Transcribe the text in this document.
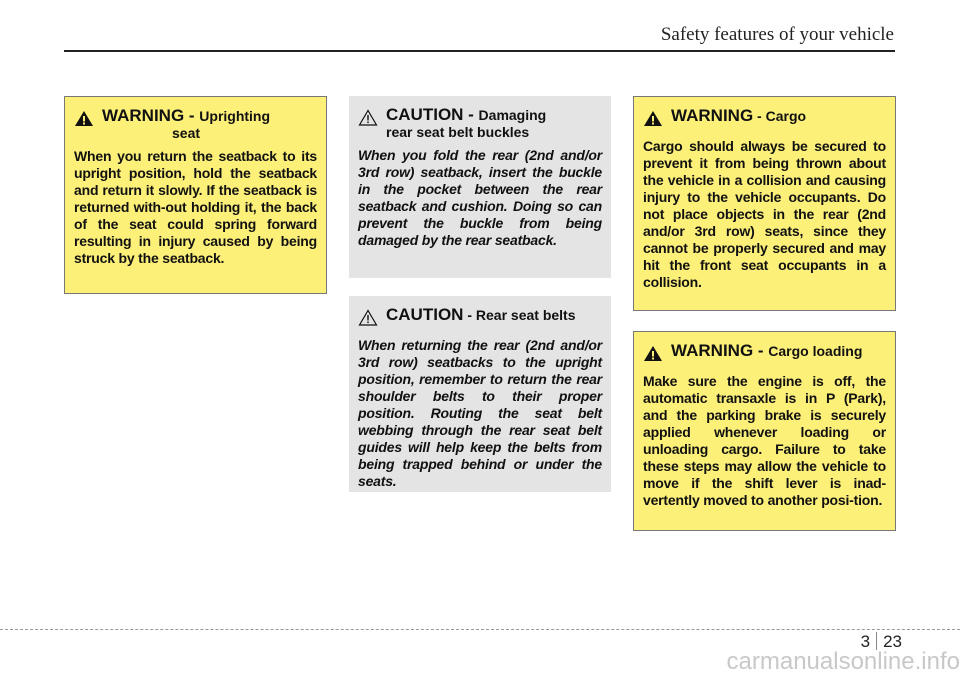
Safety features of your vehicle
WARNING - Uprighting
seat
When you return the seatback to its upright position, hold the seatback and return it slowly. If the seatback is returned with-out holding it, the back of the seat could spring forward resulting in injury caused by being struck by the seatback.
CAUTION - Damaging
rear seat belt buckles
When you fold the rear (2nd and/or 3rd row) seatback, insert the buckle in the pocket between the rear seatback and cushion. Doing so can prevent the buckle from being damaged by the rear seatback.
CAUTION - Rear seat belts
When returning the rear (2nd and/or 3rd row) seatbacks to the upright position, remember to return the rear shoulder belts to their proper position. Routing the seat belt webbing through the rear seat belt guides will help keep the belts from being trapped behind or under the seats.
WARNING - Cargo
Cargo should always be secured to prevent it from being thrown about the vehicle in a collision and causing injury to the vehicle occupants. Do not place objects in the rear (2nd and/or 3rd row) seats, since they cannot be properly secured and may hit the front seat occupants in a collision.
WARNING - Cargo loading
Make sure the engine is off, the automatic transaxle is in P (Park), and the parking brake is securely applied whenever loading or unloading cargo. Failure to take these steps may allow the vehicle to move if the shift lever is inad-vertently moved to another posi-tion.
3 23
carmanualsonline.info
